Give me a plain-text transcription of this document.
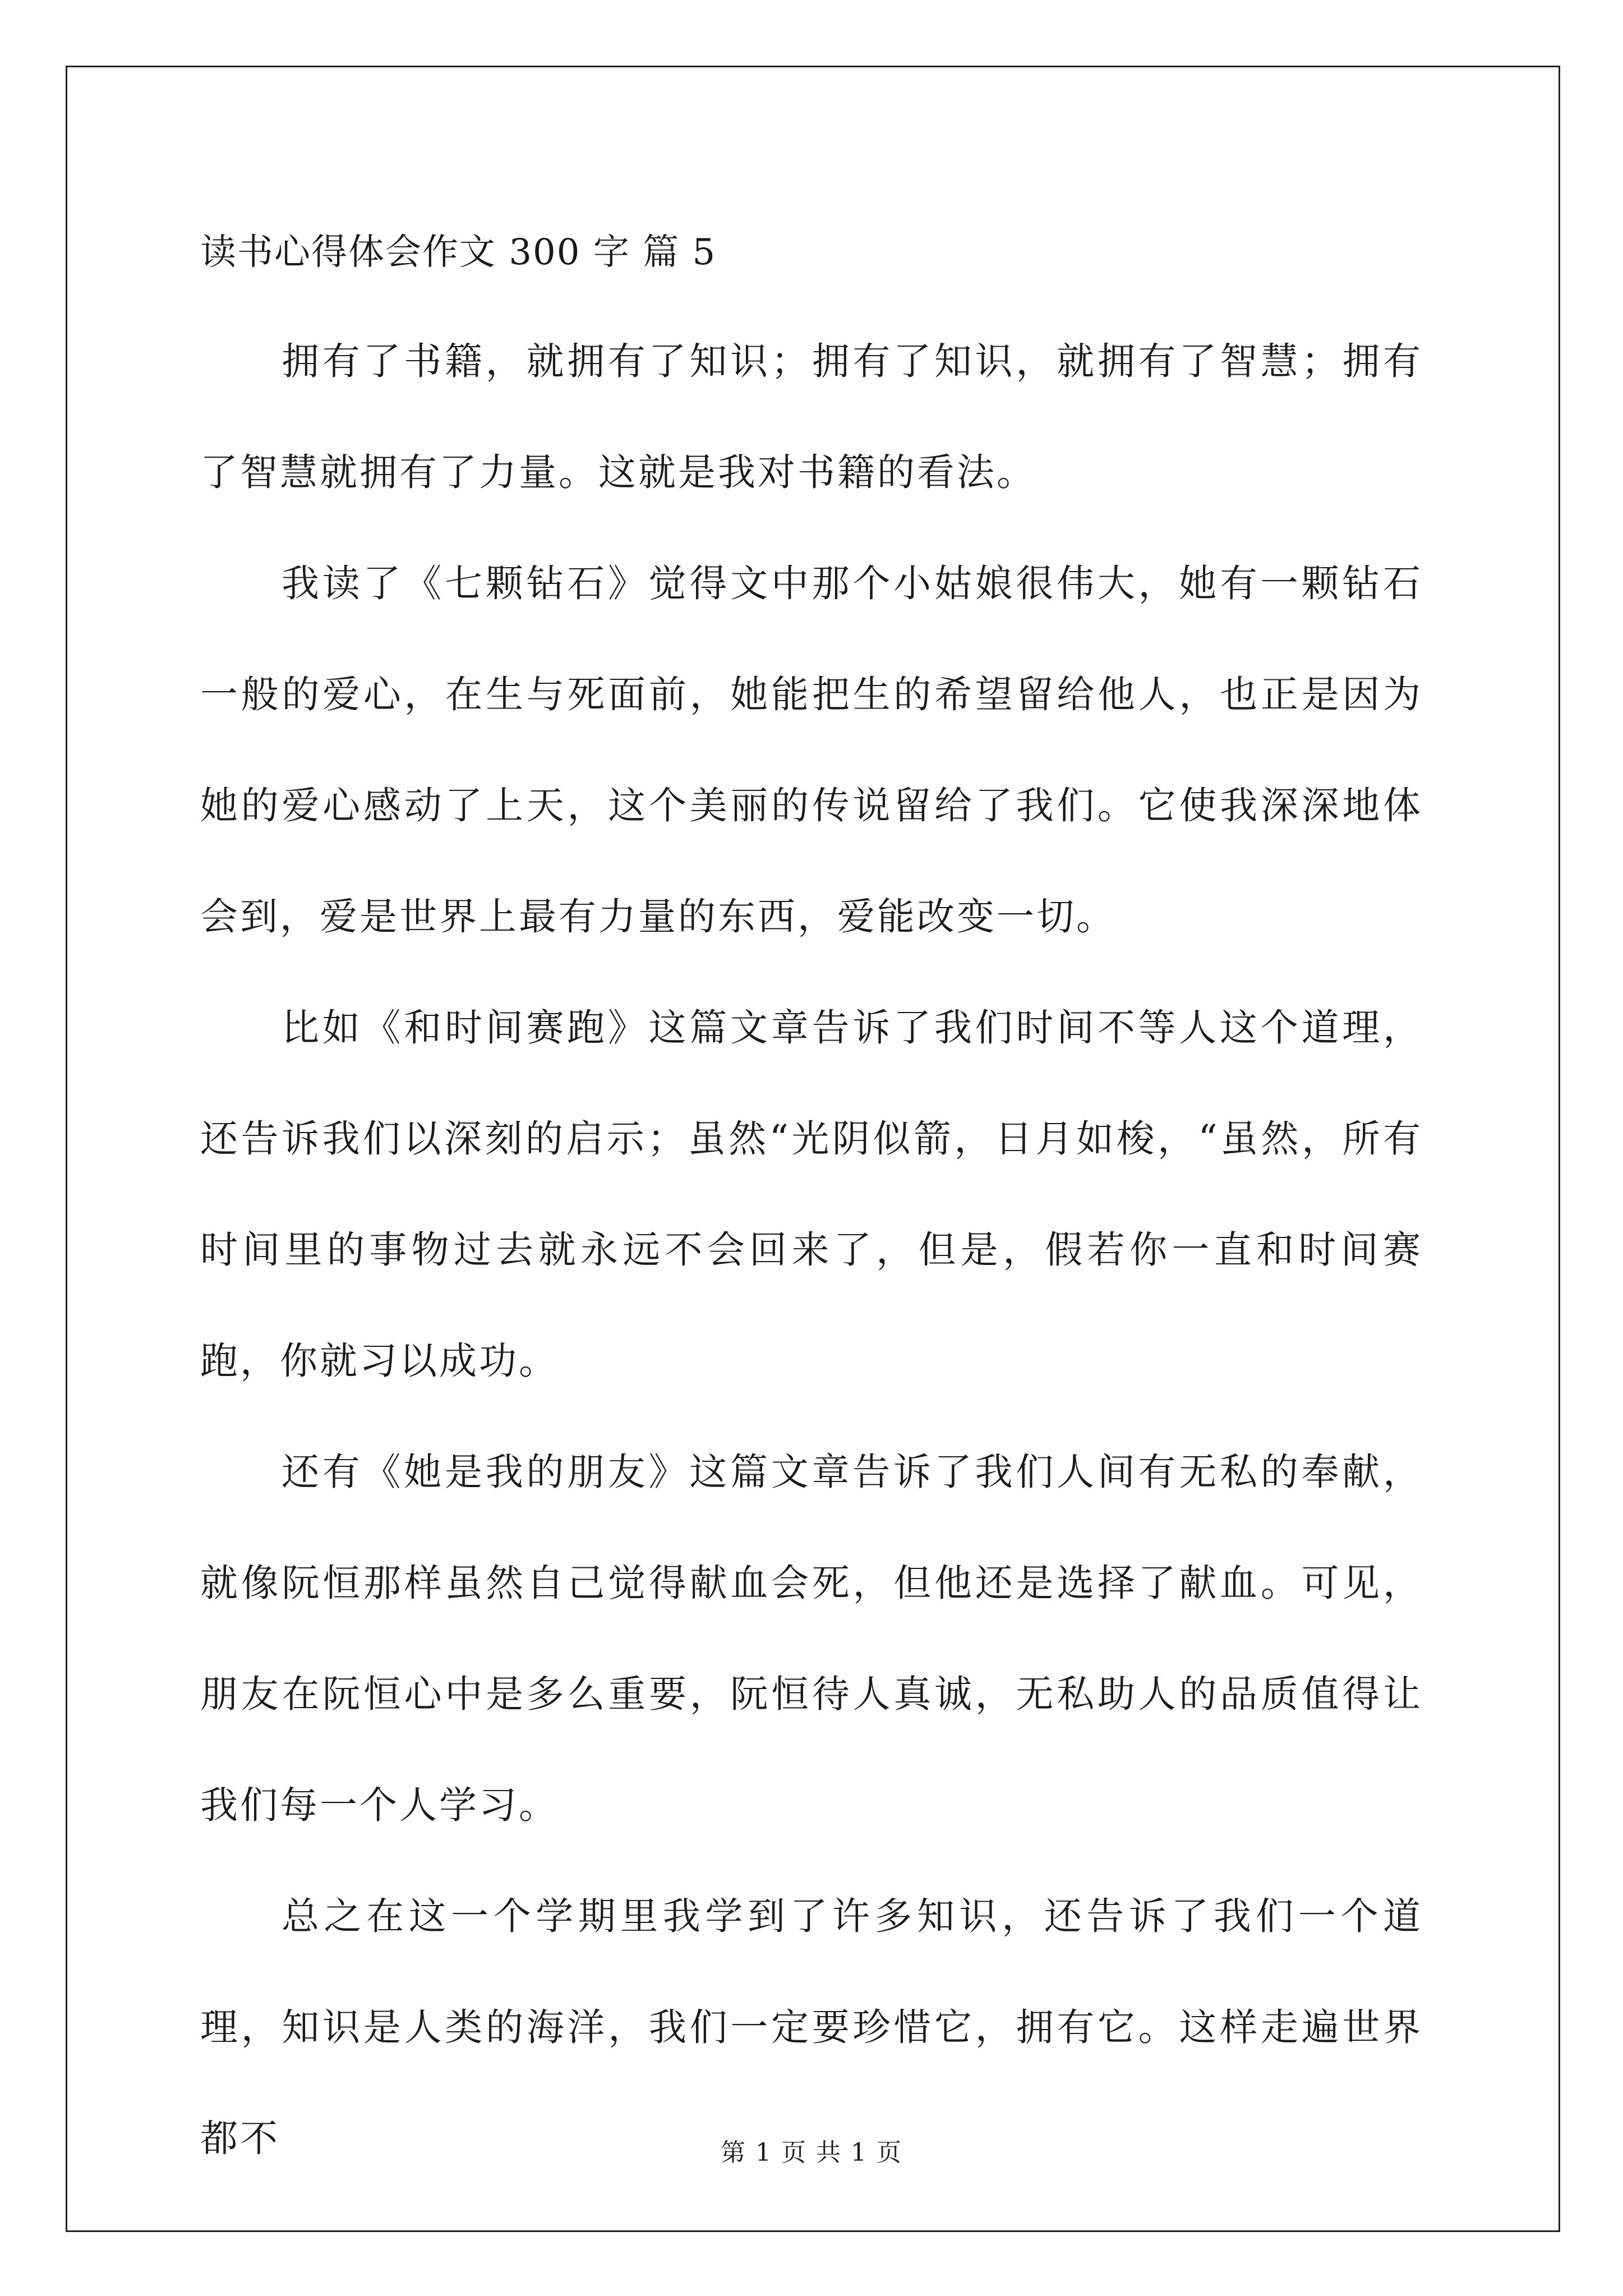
读书心得体会作文 300 字 篇 5

拥有了书籍，就拥有了知识；拥有了知识，就拥有了智慧；拥有了智慧就拥有了力量。这就是我对书籍的看法。

我读了《七颗钻石》觉得文中那个小姑娘很伟大，她有一颗钻石一般的爱心，在生与死面前，她能把生的希望留给他人，也正是因为她的爱心感动了上天，这个美丽的传说留给了我们。它使我深深地体会到，爱是世界上最有力量的东西，爱能改变一切。

比如《和时间赛跑》这篇文章告诉了我们时间不等人这个道理，还告诉我们以深刻的启示；虽然“光阴似箭，日月如梭，“虽然，所有时间里的事物过去就永远不会回来了，但是，假若你一直和时间赛跑，你就习以成功。

还有《她是我的朋友》这篇文章告诉了我们人间有无私的奉献，就像阮恒那样虽然自己觉得献血会死，但他还是选择了献血。可见，朋友在阮恒心中是多么重要，阮恒待人真诚，无私助人的品质值得让我们每一个人学习。

总之在这一个学期里我学到了许多知识，还告诉了我们一个道理，知识是人类的海洋，我们一定要珍惜它，拥有它。这样走遍世界都不	第 1 页 共 1 页
